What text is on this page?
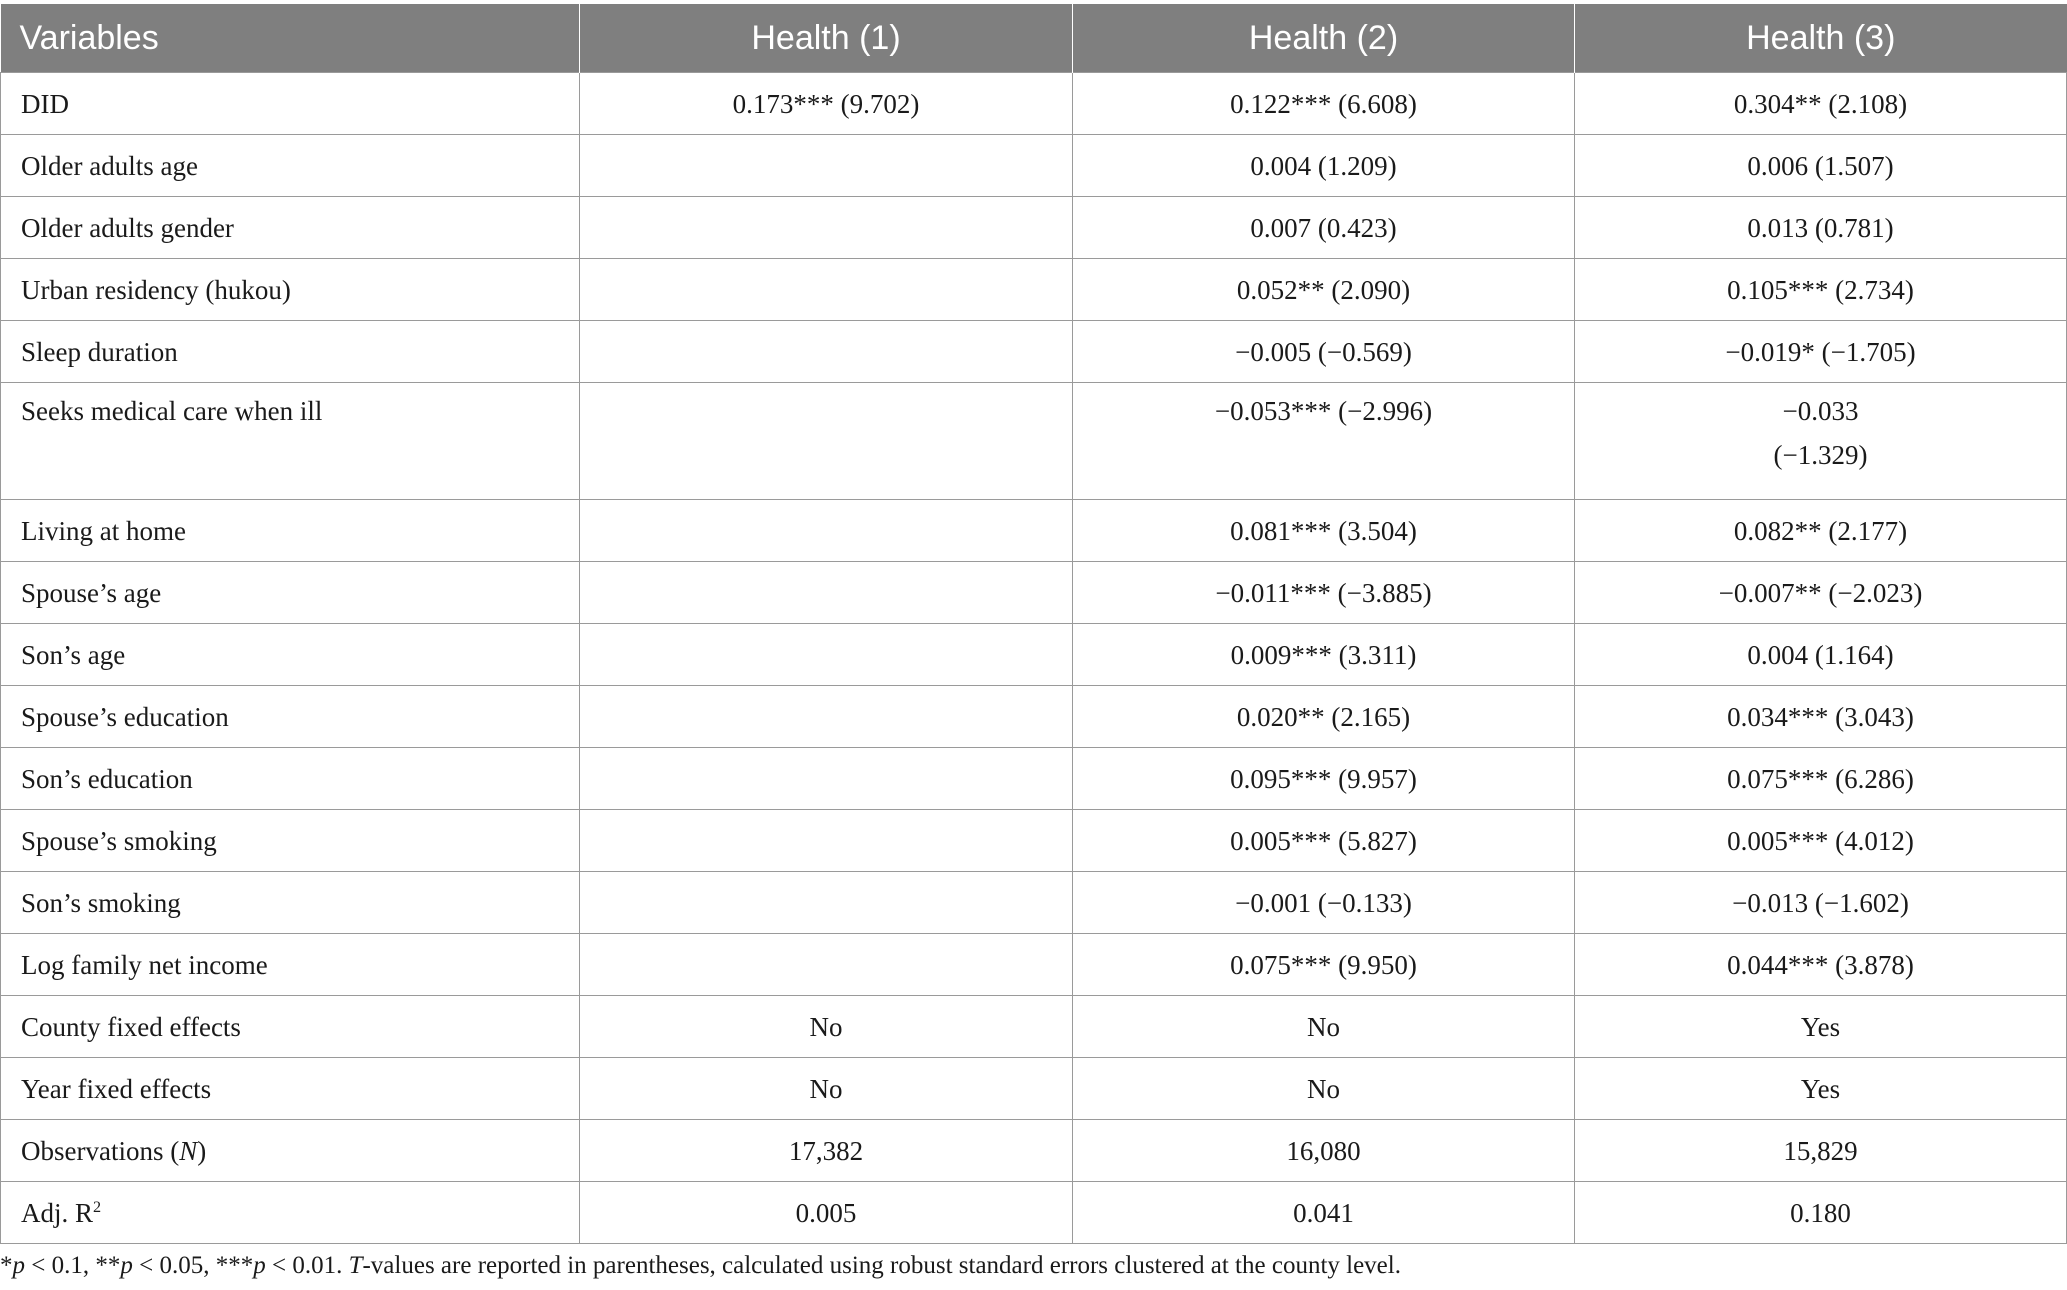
Variables	Health (1)	Health (2)	Health (3)
DID	0.173*** (9.702)	0.122*** (6.608)	0.304** (2.108)
Older adults age		0.004 (1.209)	0.006 (1.507)
Older adults gender		0.007 (0.423)	0.013 (0.781)
Urban residency (hukou)		0.052** (2.090)	0.105*** (2.734)
Sleep duration		−0.005 (−0.569)	−0.019* (−1.705)
Seeks medical care when ill		−0.053*** (−2.996)	−0.033
(−1.329)

Living at home		0.081*** (3.504)	0.082** (2.177)
Spouse’s age		−0.011*** (−3.885)	−0.007** (−2.023)
Son’s age		0.009*** (3.311)	0.004 (1.164)
Spouse’s education		0.020** (2.165)	0.034*** (3.043)
Son’s education		0.095*** (9.957)	0.075*** (6.286)
Spouse’s smoking		0.005*** (5.827)	0.005*** (4.012)
Son’s smoking		−0.001 (−0.133)	−0.013 (−1.602)
Log family net income		0.075*** (9.950)	0.044*** (3.878)
County fixed effects	No	No	Yes
Year fixed effects	No	No	Yes
Observations (N)	17,382	16,080	15,829
Adj. $R^2$	0.005	0.041	0.180
*p < 0.1, **p < 0.05, ***p < 0.01. T-values are reported in parentheses, calculated using robust standard errors clustered at the county level.
